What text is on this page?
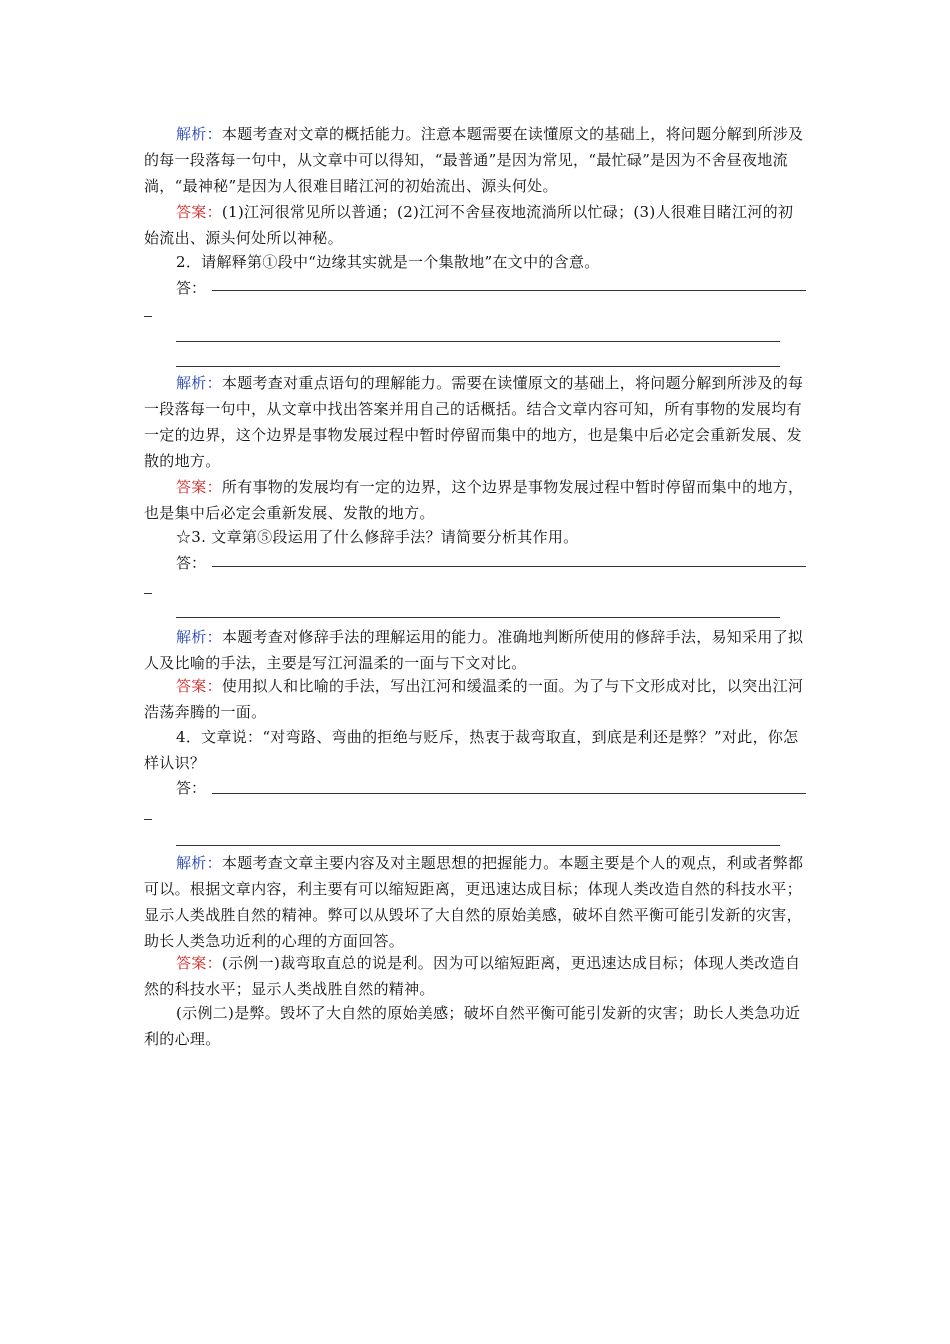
解析：本题考查对文章的概括能力。注意本题需要在读懂原文的基础上，将问题分解到所涉及的每一段落每一句中，从文章中可以得知，“最普通”是因为常见，“最忙碌”是因为不舍昼夜地流淌，“最神秘”是因为人很难目睹江河的初始流出、源头何处。

答案：(1)江河很常见所以普通；(2)江河不舍昼夜地流淌所以忙碌；(3)人很难目睹江河的初始流出、源头何处所以神秘。

2．请解释第①段中“边缘其实就是一个集散地”在文中的含意。

答：

解析：本题考查对重点语句的理解能力。需要在读懂原文的基础上，将问题分解到所涉及的每一段落每一句中，从文章中找出答案并用自己的话概括。结合文章内容可知，所有事物的发展均有一定的边界，这个边界是事物发展过程中暂时停留而集中的地方，也是集中后必定会重新发展、发散的地方。

答案：所有事物的发展均有一定的边界，这个边界是事物发展过程中暂时停留而集中的地方，也是集中后必定会重新发展、发散的地方。

☆3. 文章第⑤段运用了什么修辞手法？请简要分析其作用。

答：

解析：本题考查对修辞手法的理解运用的能力。准确地判断所使用的修辞手法，易知采用了拟人及比喻的手法，主要是写江河温柔的一面与下文对比。

答案：使用拟人和比喻的手法，写出江河和缓温柔的一面。为了与下文形成对比，以突出江河浩荡奔腾的一面。

4．文章说：“对弯路、弯曲的拒绝与贬斥，热衷于裁弯取直，到底是利还是弊？”对此，你怎样认识？

答：

解析：本题考查文章主要内容及对主题思想的把握能力。本题主要是个人的观点，利或者弊都可以。根据文章内容，利主要有可以缩短距离，更迅速达成目标；体现人类改造自然的科技水平；显示人类战胜自然的精神。弊可以从毁坏了大自然的原始美感，破坏自然平衡可能引发新的灾害，助长人类急功近利的心理的方面回答。

答案：(示例一)裁弯取直总的说是利。因为可以缩短距离，更迅速达成目标；体现人类改造自然的科技水平；显示人类战胜自然的精神。

(示例二)是弊。毁坏了大自然的原始美感；破坏自然平衡可能引发新的灾害；助长人类急功近利的心理。
